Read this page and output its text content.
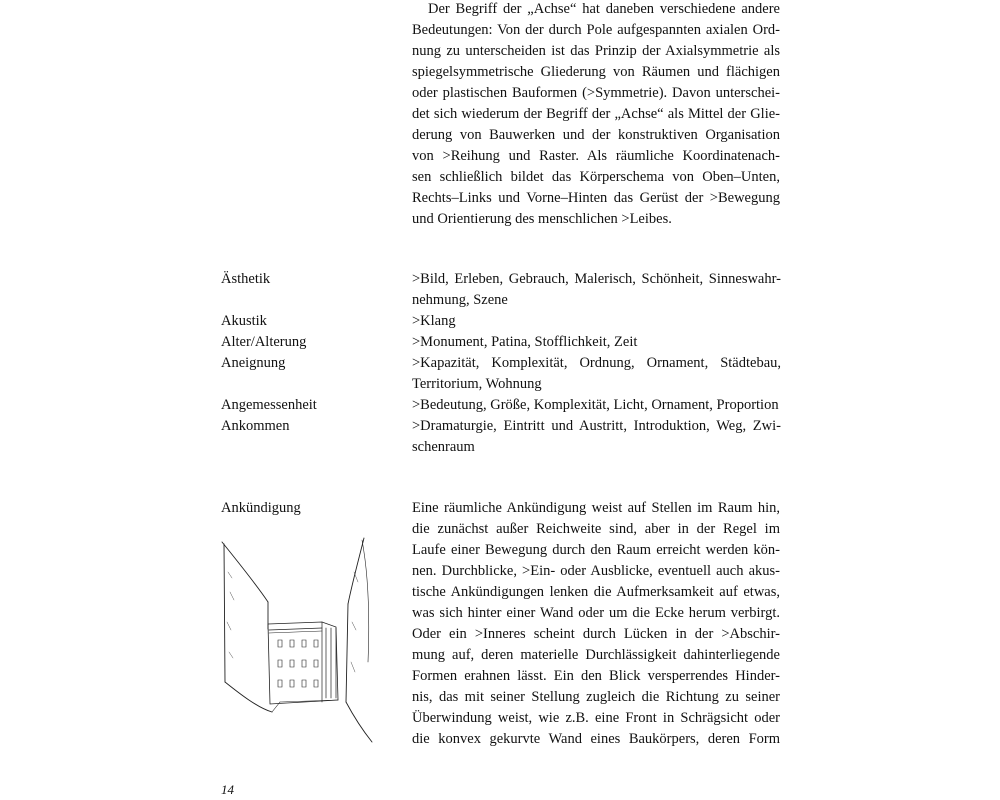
Der Begriff der „Achse“ hat daneben verschiedene andere
Bedeutungen: Von der durch Pole aufgespannten axialen Ord-
nung zu unterscheiden ist das Prinzip der Axialsymmetrie als
spiegelsymmetrische Gliederung von Räumen und flächigen
oder plastischen Bauformen (>Symmetrie). Davon unterschei-
det sich wiederum der Begriff der „Achse“ als Mittel der Glie-
derung von Bauwerken und der konstruktiven Organisation
von >Reihung und Raster. Als räumliche Koordinatenach-
sen schließlich bildet das Körperschema von Oben–Unten,
Rechts–Links und Vorne–Hinten das Gerüst der >Bewegung
und Orientierung des menschlichen >Leibes.
Ästhetik	>Bild, Erleben, Gebrauch, Malerisch, Schönheit, Sinneswahr-nehmung, Szene
Akustik	>Klang
Alter/Alterung	>Monument, Patina, Stofflichkeit, Zeit
Aneignung	>Kapazität, Komplexität, Ordnung, Ornament, Städtebau, Territorium, Wohnung
Angemessenheit	>Bedeutung, Größe, Komplexität, Licht, Ornament, Proportion
Ankommen	>Dramaturgie, Eintritt und Austritt, Introduktion, Weg, Zwi-schenraum
Ankündigung	Eine räumliche Ankündigung weist auf Stellen im Raum hin,
die zunächst außer Reichweite sind, aber in der Regel im
Laufe einer Bewegung durch den Raum erreicht werden kön-
nen. Durchblicke, >Ein- oder Ausblicke, eventuell auch akus-
tische Ankündigungen lenken die Aufmerksamkeit auf etwas,
was sich hinter einer Wand oder um die Ecke herum verbirgt.
Oder ein >Inneres scheint durch Lücken in der >Abschir-
mung auf, deren materielle Durchlässigkeit dahinterliegende
Formen erahnen lässt. Ein den Blick versperrendes Hinder-
nis, das mit seiner Stellung zugleich die Richtung zu seiner
Überwindung weist, wie z.B. eine Front in Schrägsicht oder
die konvex gekurvte Wand eines Baukörpers, deren Form
14
